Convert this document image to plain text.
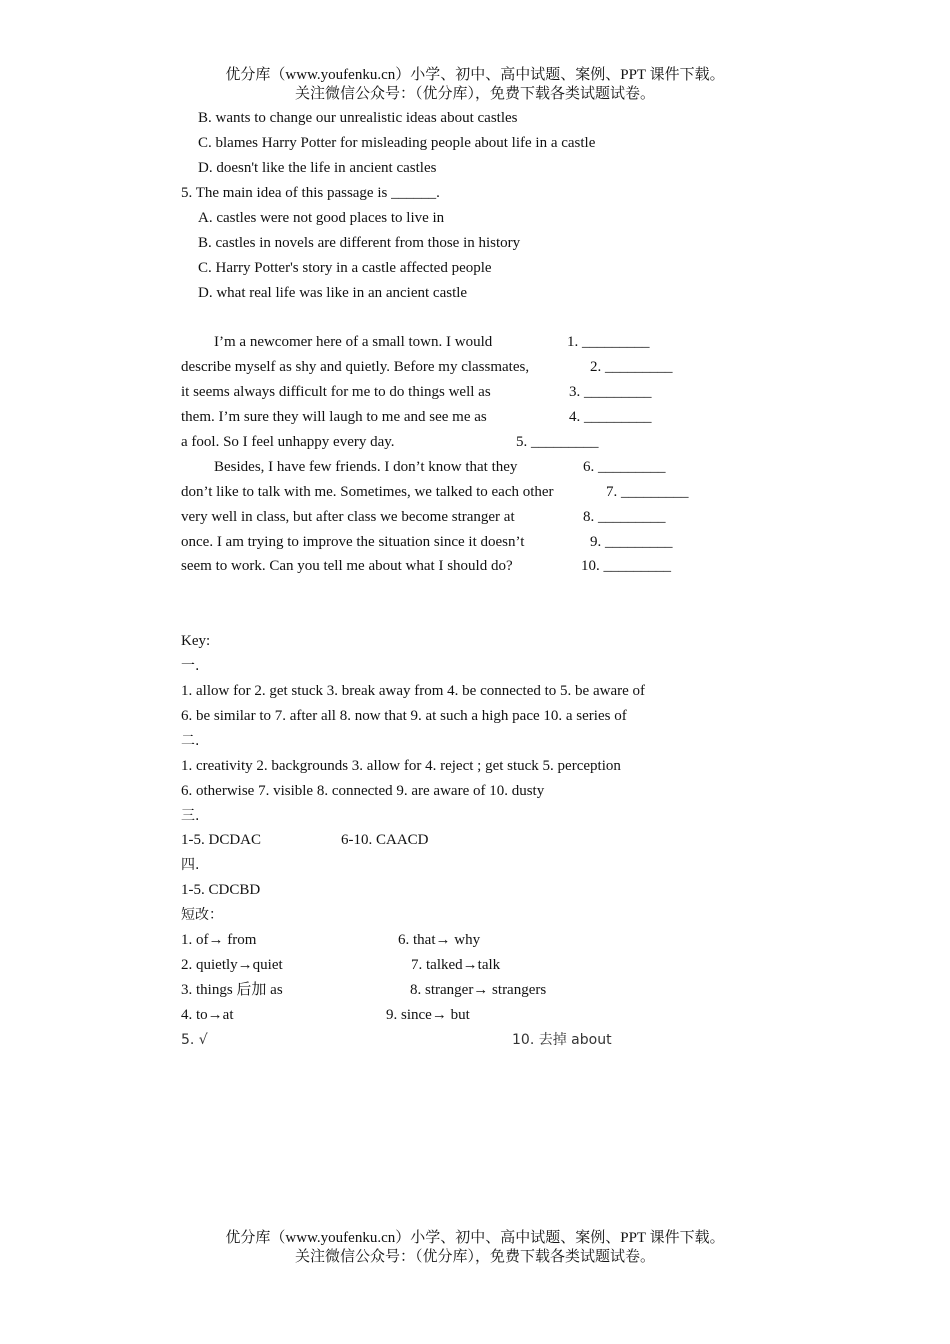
优分库（www.youfenku.cn）小学、初中、高中试题、案例、PPT 课件下载。
关注微信公众号：（优分库），免费下载各类试题试卷。
B. wants to change our unrealistic ideas about castles
C. blames Harry Potter for misleading people about life in a castle
D. doesn't like the life in ancient castles
5. The main idea of this passage is ______.
A. castles were not good places to live in
B. castles in novels are different from those in history
C. Harry Potter's story in a castle affected people
D. what real life was like in an ancient castle
I’m a newcomer here of a small town. I would	1. _________
describe myself as shy and quietly. Before my classmates,	2. _________
it seems always difficult for me to do things well as	3. _________
them. I’m sure they will laugh to me and see me as	4. _________
a fool. So I feel unhappy every day.	5. _________
Besides, I have few friends. I don’t know that they	6. _________
don’t like to talk with me. Sometimes, we talked to each other	7. _________
very well in class, but after class we become stranger at	8. _________
once. I am trying to improve the situation since it doesn’t	9. _________
seem to work. Can you tell me about what I should do?	10. _________
Key:
一.
1. allow for 2. get stuck 3. break away from 4. be connected to 5. be aware of
6. be similar to 7. after all 8. now that 9. at such a high pace 10. a series of
二.
1. creativity 2. backgrounds 3. allow for 4. reject ; get stuck 5. perception
6. otherwise 7. visible 8. connected 9. are aware of 10. dusty
三.
1-5. DCDAC	6-10. CAACD
四.
1-5. CDCBD
短改：
1. of→ from	6. that→ why
2. quietly→quiet	7. talked→talk
3. things 后加 as	8. stranger→ strangers
4. to→at	9. since→ but
5. √	10. 去掉 about
优分库（www.youfenku.cn）小学、初中、高中试题、案例、PPT 课件下载。
关注微信公众号：（优分库），免费下载各类试题试卷。
